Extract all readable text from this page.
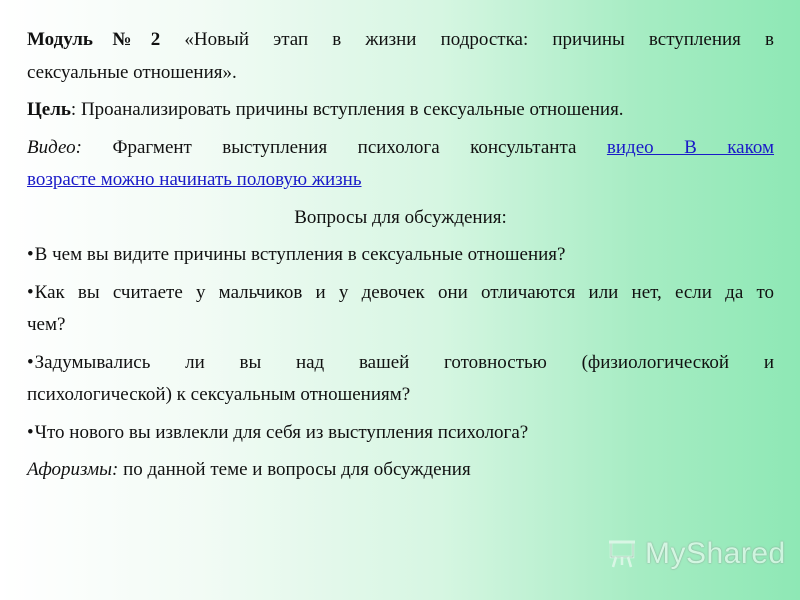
Модуль№2 «Новый этап в жизни подростка: причины вступления в
сексуальные отношения».

Цель: Проанализировать причины вступления в сексуальные отношения.

Видео: Фрагмент выступления психолога консультанта видео В каком
возрасте можно начинать половую жизнь

Вопросы для обсуждения:

•В чем вы видите причины вступления в сексуальные отношения?

•Как вы считаете у мальчиков и у девочек они отличаются или нет, если да то
чем?

•Задумывались ли вы над вашей готовностью (физиологической и
психологической) к сексуальным отношениям?

•Что нового вы извлекли для себя из выступления психолога?

Афоризмы: по данной теме и вопросы для обсуждения

MyShared
